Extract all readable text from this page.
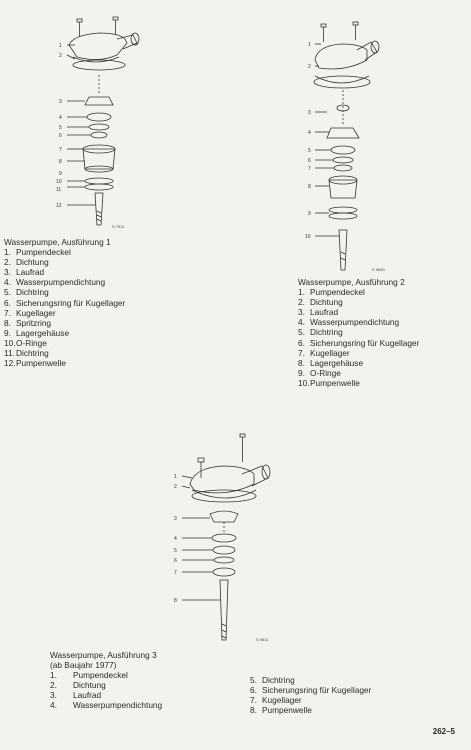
1
2
3
4
5
6
7
8
9
10
11
12
S 7511
Wasserpumpe, Ausführung 1
1. Pumpendeckel
2. Dichtung
3. Laufrad
4. Wasserpumpendichtung
5. Dichtring
6. Sicherungsring für Kugellager
7. Kugellager
8. Spritzring
9. Lagergehäuse
10.O-Ringe
11.Dichtring
12.Pumpenwelle
1
2
3
4
5
6
7
8
9
10
S 9080
Wasserpumpe, Ausführung 2
1. Pumpendeckel
2. Dichtung
3. Laufrad
4. Wasserpumpendichtung
5. Dichtring
6. Sicherungsring für Kugellager
7. Kugellager
8. Lagergehäuse
9. O-Ringe
10.Pumpenwelle
1
2
3
4
5
6
7
8
S 9811
Wasserpumpe, Ausführung 3
(ab Baujahr 1977)
1. Pumpendeckel
2. Dichtung
3. Laufrad
4. Wasserpumpendichtung
5. Dichtring
6. Sicherungsring für Kugellager
7. Kugellager
8. Pumpenwelle
262–5
